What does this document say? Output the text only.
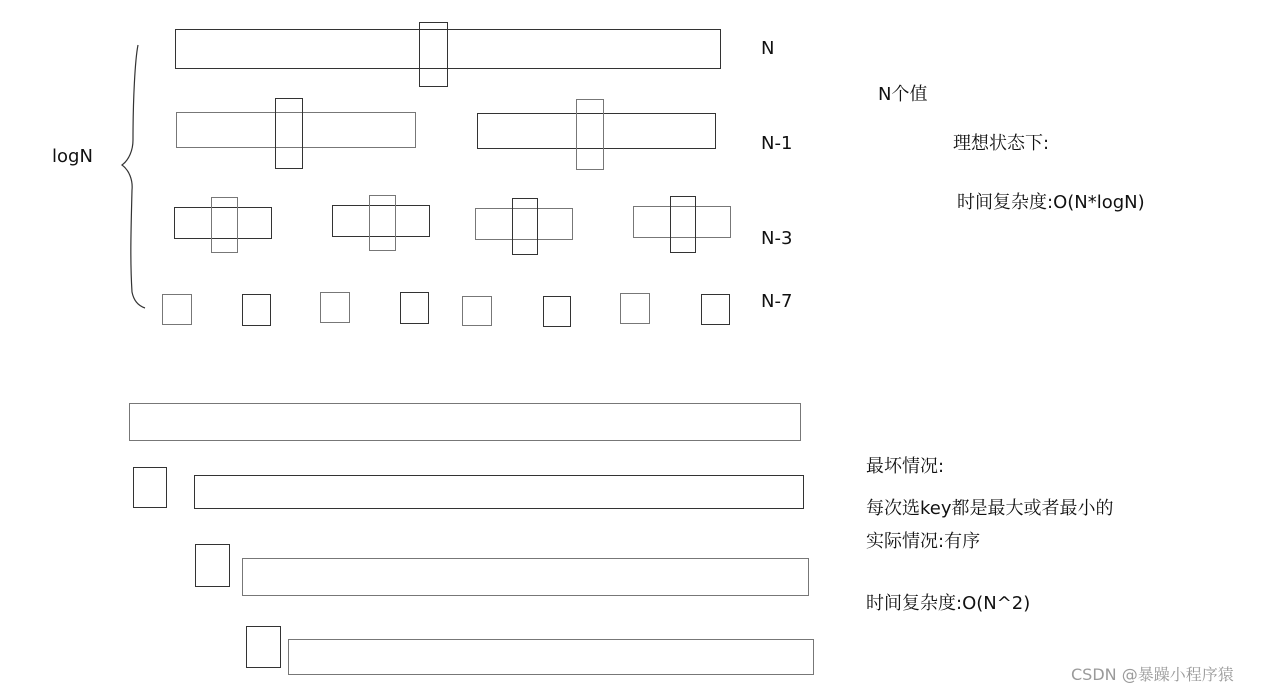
logN
N
N-1
N-3
N-7
N个值
理想状态下:
时间复杂度:O(N*logN)
最坏情况:
每次选key都是最大或者最小的
实际情况:有序
时间复杂度:O(N^2)
CSDN @暴躁小程序猿
